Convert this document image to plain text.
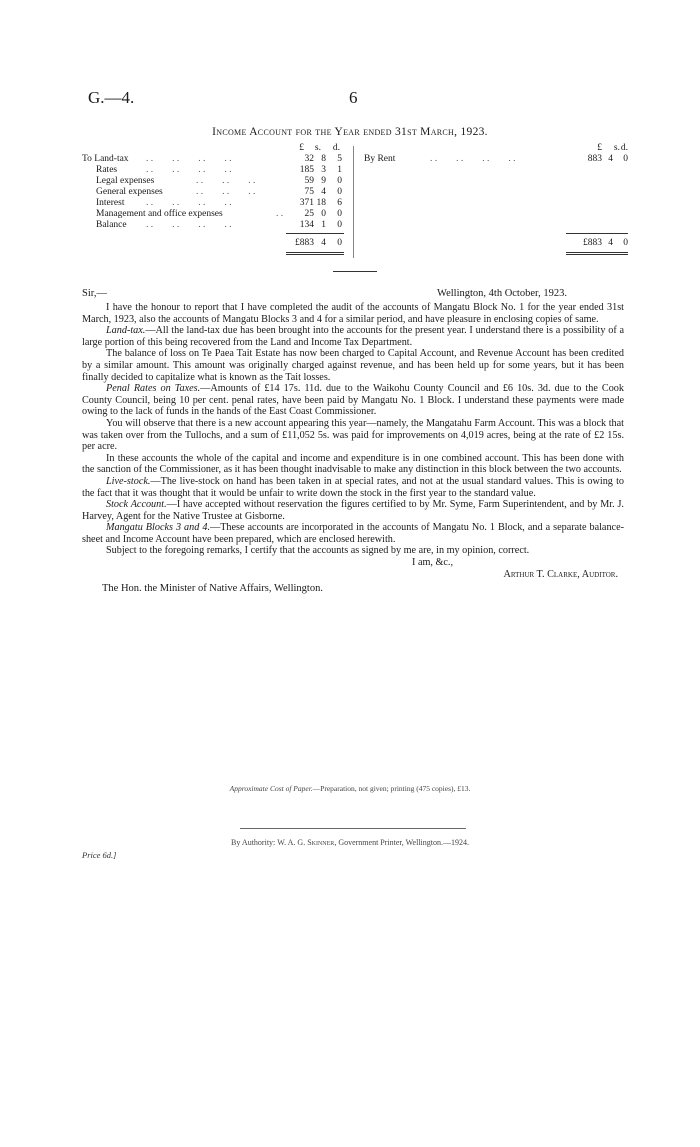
G.—4.	6
Income Account for the Year ended 31st March, 1923.
£	s.	d.	£	s. d.
To Land-tax . .        . .        . .        . .	32 8	5
Rates	. .        . .        . .        . .	185 3	1
Legal expenses	. .        . .        . .	59 9	0
General expenses	. .        . .        . .	75 4	0
Interest . .        . .        . .        . .	371 18	6
Management and office expenses	. .	25 0	0
Balance . .        . .        . .        . .	134 1	0
£883 4	0
By Rent	. .        . .        . .        . .	883 4	0
£883 4	0
Sir,—	Wellington, 4th October, 1923.

I have the honour to report that I have completed the audit of the accounts of Mangatu Block No. 1 for the year ended 31st March, 1923, also the accounts of Mangatu Blocks 3 and 4 for a similar period, and have pleasure in enclosing copies of same.

Land-tax.—All the land-tax due has been brought into the accounts for the present year. I understand there is a possibility of a large portion of this being recovered from the Land and Income Tax Department.

The balance of loss on Te Paea Tait Estate has now been charged to Capital Account, and Revenue Account has been credited by a similar amount. This amount was originally charged against revenue, and has been held up for some years, but it has been finally decided to capitalize what is known as the Tait losses.

Penal Rates on Taxes.—Amounts of £14 17s. 11d. due to the Waikohu County Council and £6 10s. 3d. due to the Cook County Council, being 10 per cent. penal rates, have been paid by Mangatu No. 1 Block. I understand these payments were made owing to the lack of funds in the hands of the East Coast Commissioner.

You will observe that there is a new account appearing this year—namely, the Mangatahu Farm Account. This was a block that was taken over from the Tullochs, and a sum of £11,052 5s. was paid for improvements on 4,019 acres, being at the rate of £2 15s. per acre.

In these accounts the whole of the capital and income and expenditure is in one combined account. This has been done with the sanction of the Commissioner, as it has been thought inadvisable to make any distinction in this block between the two accounts.

Live-stock.—The live-stock on hand has been taken in at special rates, and not at the usual standard values. This is owing to the fact that it was thought that it would be unfair to write down the stock in the first year to the standard value.

Stock Account.—I have accepted without reservation the figures certified to by Mr. Syme, Farm Superintendent, and by Mr. J. Harvey, Agent for the Native Trustee at Gisborne.

Mangatu Blocks 3 and 4.—These accounts are incorporated in the accounts of Mangatu No. 1 Block, and a separate balance-sheet and Income Account have been prepared, which are enclosed herewith.

Subject to the foregoing remarks, I certify that the accounts as signed by me are, in my opinion, correct.

I am, &c.,

Arthur T. Clarke, Auditor.

The Hon. the Minister of Native Affairs, Wellington.

Approximate Cost of Paper.—Preparation, not given; printing (475 copies), £13.
By Authority: W. A. G. Skinner, Government Printer, Wellington.—1924.
Price 6d.]
